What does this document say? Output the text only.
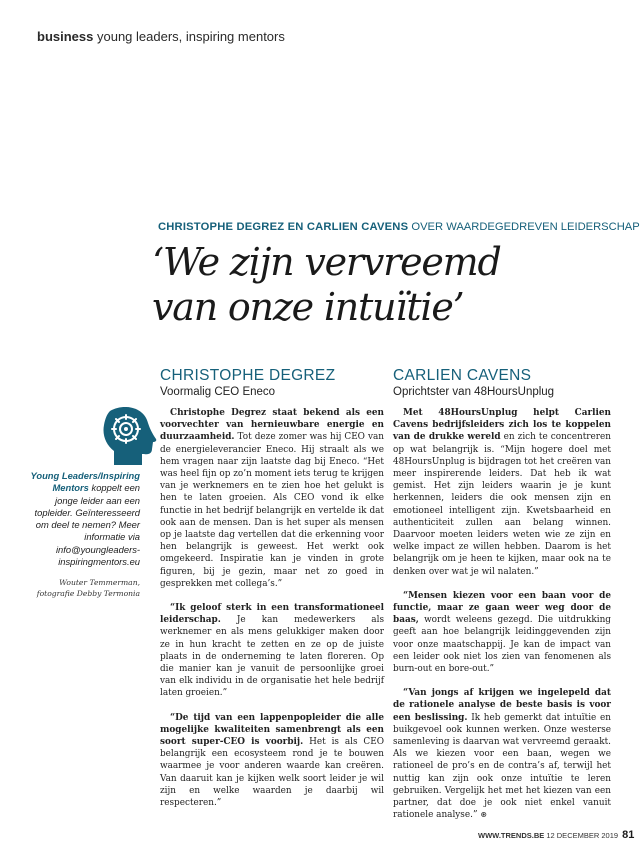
business young leaders, inspiring mentors
CHRISTOPHE DEGREZ EN CARLIEN CAVENS OVER WAARDEGEDREVEN LEIDERSCHAP
‘We zijn vervreemd
van onze intuïtie’
CHRISTOPHE DEGREZ
Voormalig CEO Eneco
CARLIEN CAVENS
Oprichtster van 48HoursUnplug

Christophe Degrez staat bekend als een voorvechter van hernieuwbare energie en duurzaamheid. Tot deze zomer was hij CEO van de energieleverancier Eneco. Hij straalt als we hem vragen naar zijn laatste dag bij Eneco. “Het was heel fijn op zo’n moment iets terug te krijgen van je werknemers en te zien hoe het gelukt is hen te laten groeien. Als CEO vond ik elke functie in het bedrijf belangrijk en vertelde ik dat ook aan de mensen. Dan is het super als mensen op je laatste dag vertellen dat die erkenning voor hen belangrijk is geweest. Het werkt ook omgekeerd. Inspiratie kan je vinden in grote figuren, bij je gezin, maar net zo goed in gesprekken met collega’s.”

“Ik geloof sterk in een transformationeel leiderschap. Je kan medewerkers als werknemer en als mens gelukkiger maken door ze in hun kracht te zetten en ze op de juiste plaats in de onderneming te laten floreren. Op die manier kan je vanuit de persoonlijke groei van elk individu in de organisatie het hele bedrijf laten groeien.”

“De tijd van een lappenpopleider die alle mogelijke kwaliteiten samenbrengt als een soort super-CEO is voorbij. Het is als CEO belangrijk een ecosysteem rond je te bouwen waarmee je voor anderen waarde kan creëren. Van daaruit kan je kijken welk soort leider je wil zijn en welke waarden je daarbij wil respecteren.”

Met 48HoursUnplug helpt Carlien Cavens bedrijfsleiders zich los te koppelen van de drukke wereld en zich te concentreren op wat belangrijk is. “Mijn hogere doel met 48HoursUnplug is bijdragen tot het creëren van meer inspirerende leiders. Dat heb ik wat gemist. Het zijn leiders waarin je je kunt herkennen, leiders die ook mensen zijn en emotioneel intelligent zijn. Kwetsbaarheid en authenticiteit zullen aan belang winnen. Daarvoor moeten leiders weten wie ze zijn en welke impact ze willen hebben. Daarom is het belangrijk om je heen te kijken, maar ook na te denken over wat je wil nalaten.”

“Mensen kiezen voor een baan voor de functie, maar ze gaan weer weg door de baas, wordt weleens gezegd. Die uitdrukking geeft aan hoe belangrijk leidinggevenden zijn voor onze maatschappij. Je kan de impact van een leider ook niet los zien van fenomenen als burn-out en bore-out.”

“Van jongs af krijgen we ingelepeld dat de rationele analyse de beste basis is voor een beslissing. Ik heb gemerkt dat intuïtie en buikgevoel ook kunnen werken. Onze westerse samenleving is daarvan wat vervreemd geraakt. Als we kiezen voor een baan, wegen we rationeel de pro’s en de contra’s af, terwijl het nuttig kan zijn ook onze intuïtie te leren gebruiken. Vergelijk het met het kiezen van een partner, dat doe je ook niet enkel vanuit rationele analyse.” ⊛

Young Leaders/Inspiring Mentors koppelt een jonge leider aan een topleider. Geïnteresseerd om deel te nemen? Meer informatie via info@youngleaders-inspiringmentors.eu
Wouter Temmerman,
fotografie Debby Termonia
WWW.TRENDS.BE 12 DECEMBER 2019 81
